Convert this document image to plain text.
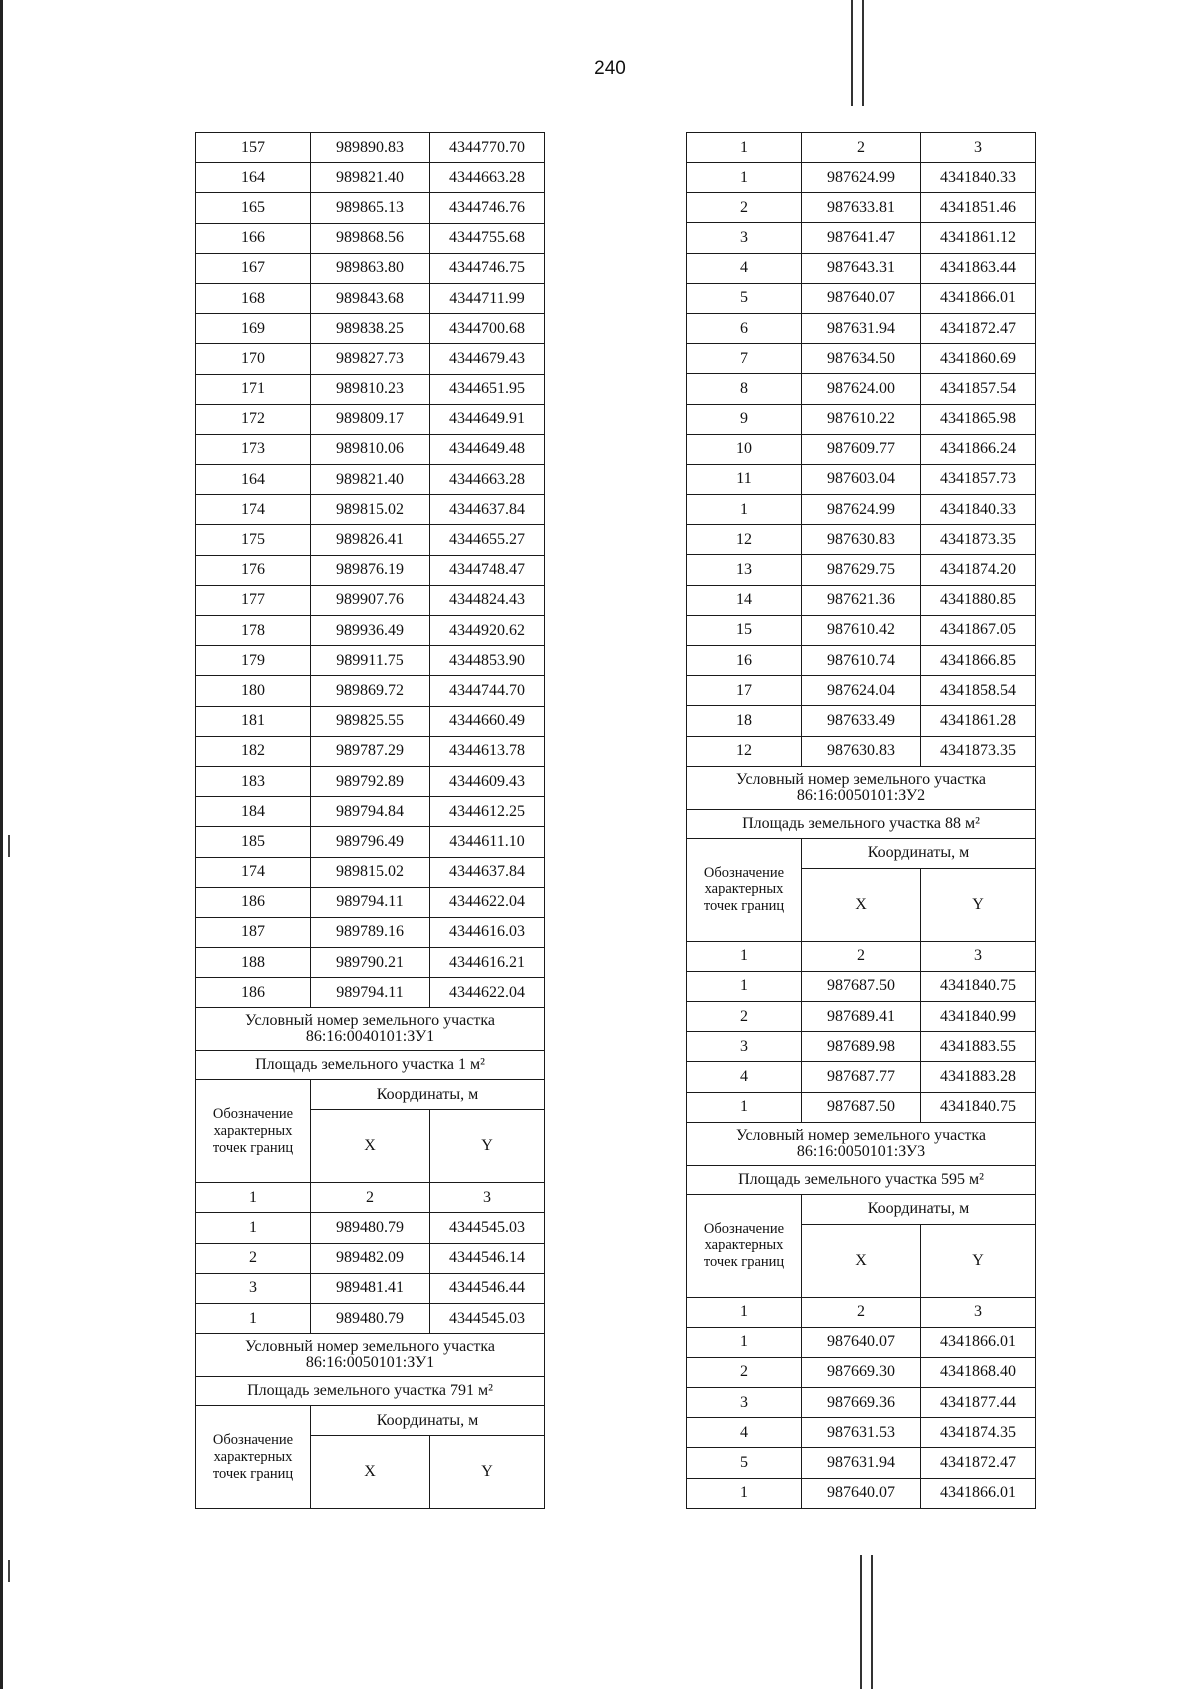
240
157	989890.83	4344770.70
164	989821.40	4344663.28
165	989865.13	4344746.76
166	989868.56	4344755.68
167	989863.80	4344746.75
168	989843.68	4344711.99
169	989838.25	4344700.68
170	989827.73	4344679.43
171	989810.23	4344651.95
172	989809.17	4344649.91
173	989810.06	4344649.48
164	989821.40	4344663.28
174	989815.02	4344637.84
175	989826.41	4344655.27
176	989876.19	4344748.47
177	989907.76	4344824.43
178	989936.49	4344920.62
179	989911.75	4344853.90
180	989869.72	4344744.70
181	989825.55	4344660.49
182	989787.29	4344613.78
183	989792.89	4344609.43
184	989794.84	4344612.25
185	989796.49	4344611.10
174	989815.02	4344637.84
186	989794.11	4344622.04
187	989789.16	4344616.03
188	989790.21	4344616.21
186	989794.11	4344622.04
Условный номер земельного участка 86:16:0040101:ЗУ1		
Площадь земельного участка 1 м²		
Обозначение характерных точек границ	Координаты, м	
	X	Y
1	2	3
1	989480.79	4344545.03
2	989482.09	4344546.14
3	989481.41	4344546.44
1	989480.79	4344545.03
Условный номер земельного участка 86:16:0050101:ЗУ1		
Площадь земельного участка 791 м²		
Обозначение характерных точек границ	Координаты, м	
	X	Y
1	2	3
1	987624.99	4341840.33
2	987633.81	4341851.46
3	987641.47	4341861.12
4	987643.31	4341863.44
5	987640.07	4341866.01
6	987631.94	4341872.47
7	987634.50	4341860.69
8	987624.00	4341857.54
9	987610.22	4341865.98
10	987609.77	4341866.24
11	987603.04	4341857.73
1	987624.99	4341840.33
12	987630.83	4341873.35
13	987629.75	4341874.20
14	987621.36	4341880.85
15	987610.42	4341867.05
16	987610.74	4341866.85
17	987624.04	4341858.54
18	987633.49	4341861.28
12	987630.83	4341873.35
Условный номер земельного участка 86:16:0050101:ЗУ2		
Площадь земельного участка 88 м²		
Обозначение характерных точек границ	Координаты, м	
	X	Y
1	2	3
1	987687.50	4341840.75
2	987689.41	4341840.99
3	987689.98	4341883.55
4	987687.77	4341883.28
1	987687.50	4341840.75
Условный номер земельного участка 86:16:0050101:ЗУ3		
Площадь земельного участка 595 м²		
Обозначение характерных точек границ	Координаты, м	
	X	Y
1	2	3
1	987640.07	4341866.01
2	987669.30	4341868.40
3	987669.36	4341877.44
4	987631.53	4341874.35
5	987631.94	4341872.47
1	987640.07	4341866.01
